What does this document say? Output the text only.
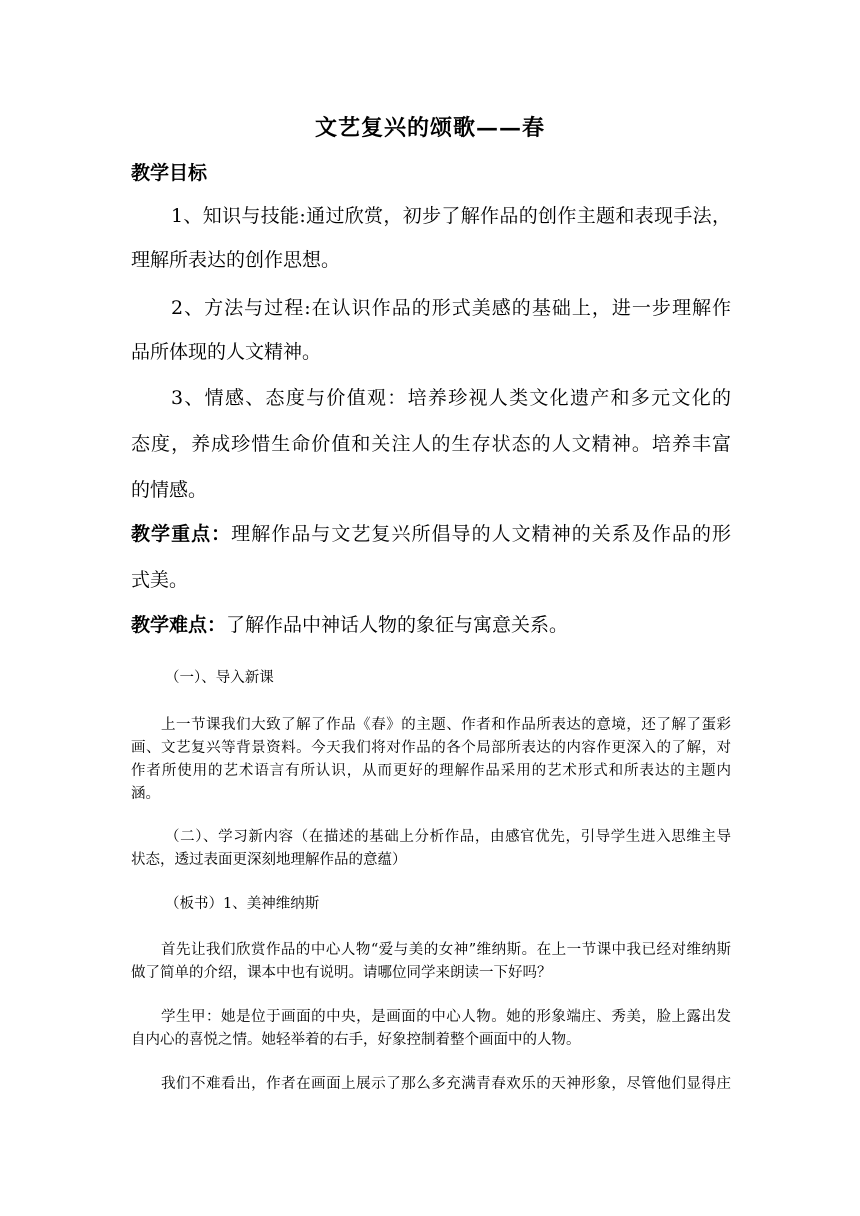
文艺复兴的颂歌——春
教学目标
1、知识与技能:通过欣赏，初步了解作品的创作主题和表现手法，
理解所表达的创作思想。
2、方法与过程:在认识作品的形式美感的基础上，进一步理解作
品所体现的人文精神。
3、情感、态度与价值观：培养珍视人类文化遗产和多元文化的
态度，养成珍惜生命价值和关注人的生存状态的人文精神。培养丰富
的情感。
教学重点：理解作品与文艺复兴所倡导的人文精神的关系及作品的形
式美。
教学难点：了解作品中神话人物的象征与寓意关系。
（一）、导入新课
上一节课我们大致了解了作品《春》的主题、作者和作品所表达的意境，还了解了蛋彩
画、文艺复兴等背景资料。今天我们将对作品的各个局部所表达的内容作更深入的了解，对
作者所使用的艺术语言有所认识，从而更好的理解作品采用的艺术形式和所表达的主题内
涵。
（二）、学习新内容（在描述的基础上分析作品，由感官优先，引导学生进入思维主导
状态，透过表面更深刻地理解作品的意蕴）
（板书）1、美神维纳斯
首先让我们欣赏作品的中心人物“爱与美的女神”维纳斯。在上一节课中我已经对维纳斯
做了简单的介绍，课本中也有说明。请哪位同学来朗读一下好吗？
学生甲：她是位于画面的中央，是画面的中心人物。她的形象端庄、秀美，脸上露出发
自内心的喜悦之情。她轻举着的右手，好象控制着整个画面中的人物。
我们不难看出，作者在画面上展示了那么多充满青春欢乐的天神形象，尽管他们显得庄
